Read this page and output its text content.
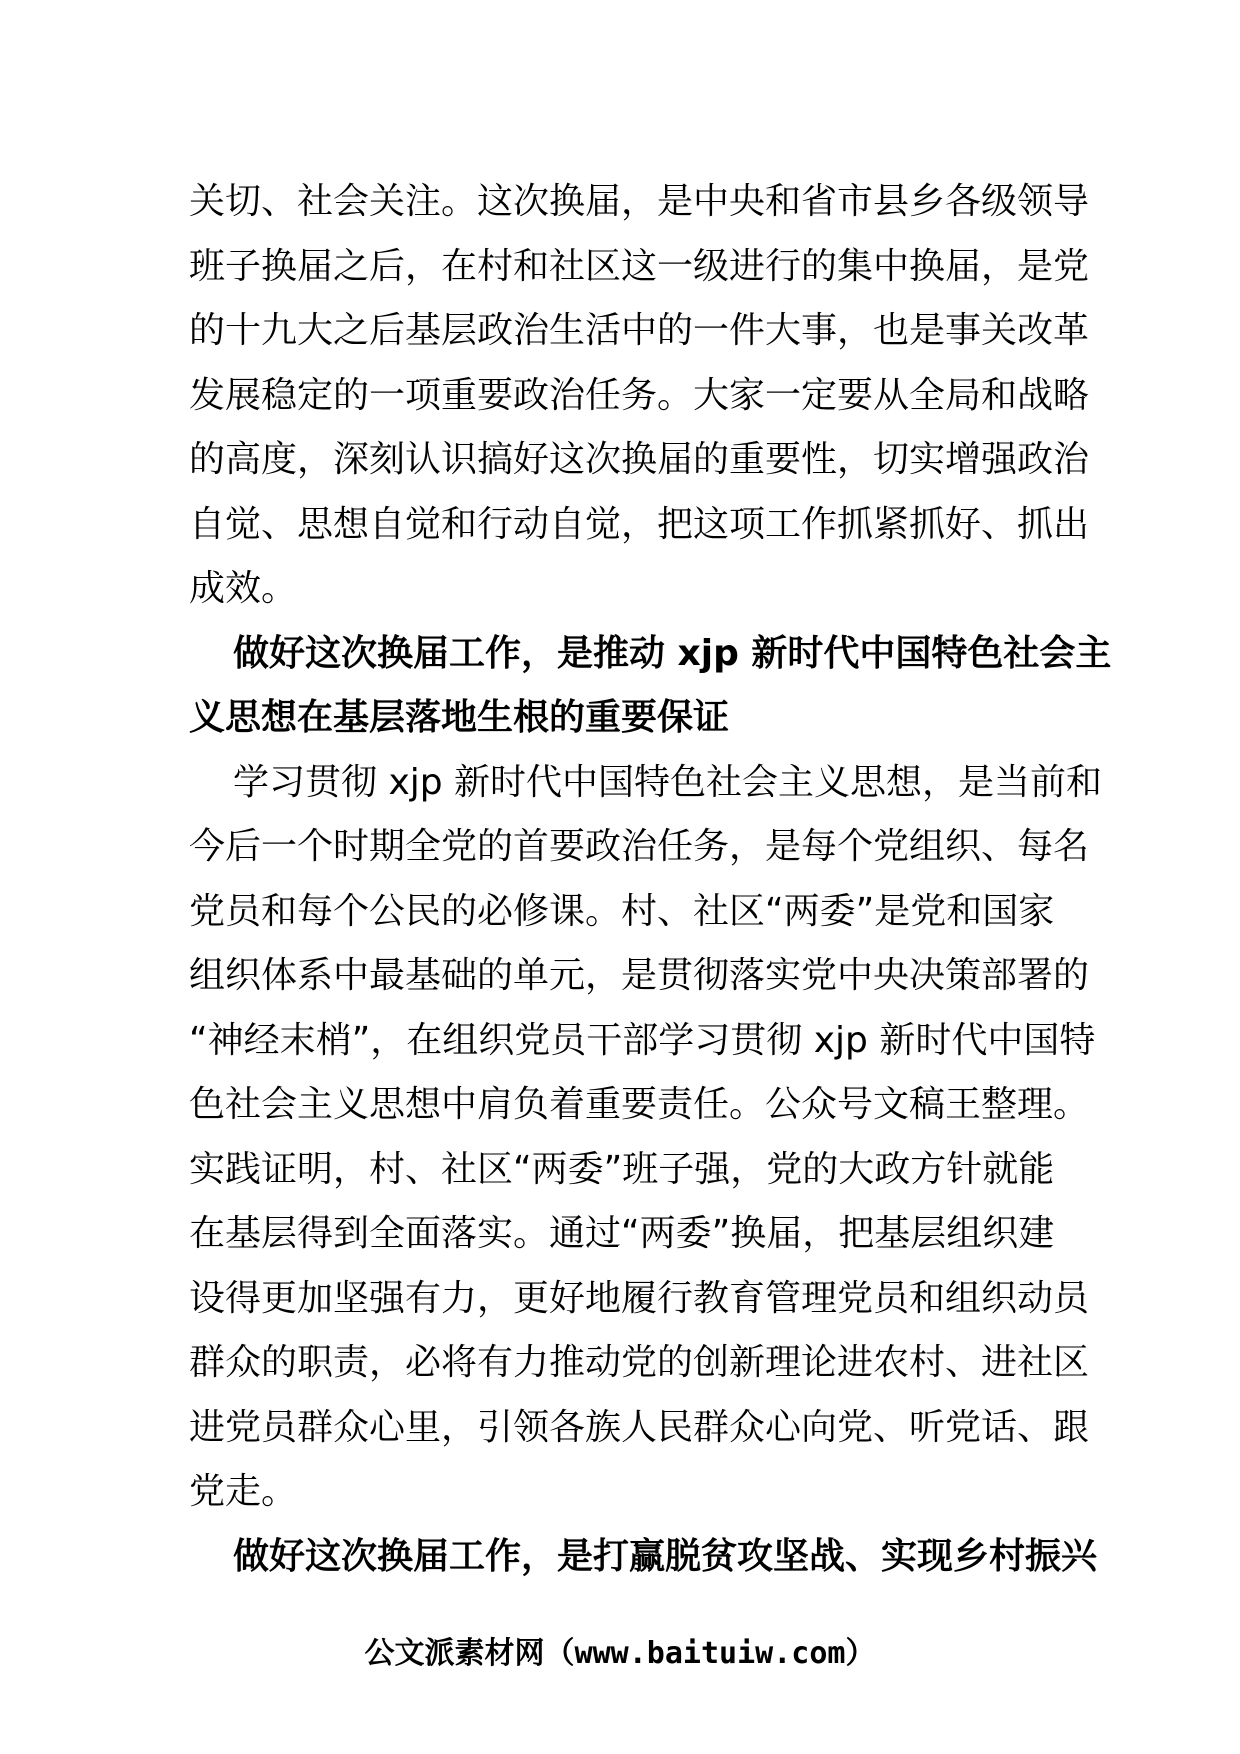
关切、社会关注。这次换届，是中央和省市县乡各级领导
班子换届之后，在村和社区这一级进行的集中换届，是党
的十九大之后基层政治生活中的一件大事，也是事关改革
发展稳定的一项重要政治任务。大家一定要从全局和战略
的高度，深刻认识搞好这次换届的重要性，切实增强政治
自觉、思想自觉和行动自觉，把这项工作抓紧抓好、抓出
成效。
做好这次换届工作，是推动 xjp 新时代中国特色社会主
义思想在基层落地生根的重要保证
学习贯彻 xjp 新时代中国特色社会主义思想，是当前和
今后一个时期全党的首要政治任务，是每个党组织、每名
党员和每个公民的必修课。村、社区“两委”是党和国家
组织体系中最基础的单元，是贯彻落实党中央决策部署的
“神经末梢”，在组织党员干部学习贯彻 xjp 新时代中国特
色社会主义思想中肩负着重要责任。公众号文稿王整理。
实践证明，村、社区“两委”班子强，党的大政方针就能
在基层得到全面落实。通过“两委”换届，把基层组织建
设得更加坚强有力，更好地履行教育管理党员和组织动员
群众的职责，必将有力推动党的创新理论进农村、进社区
进党员群众心里，引领各族人民群众心向党、听党话、跟
党走。
做好这次换届工作，是打赢脱贫攻坚战、实现乡村振兴
公文派素材网（www.baituiw.com）
